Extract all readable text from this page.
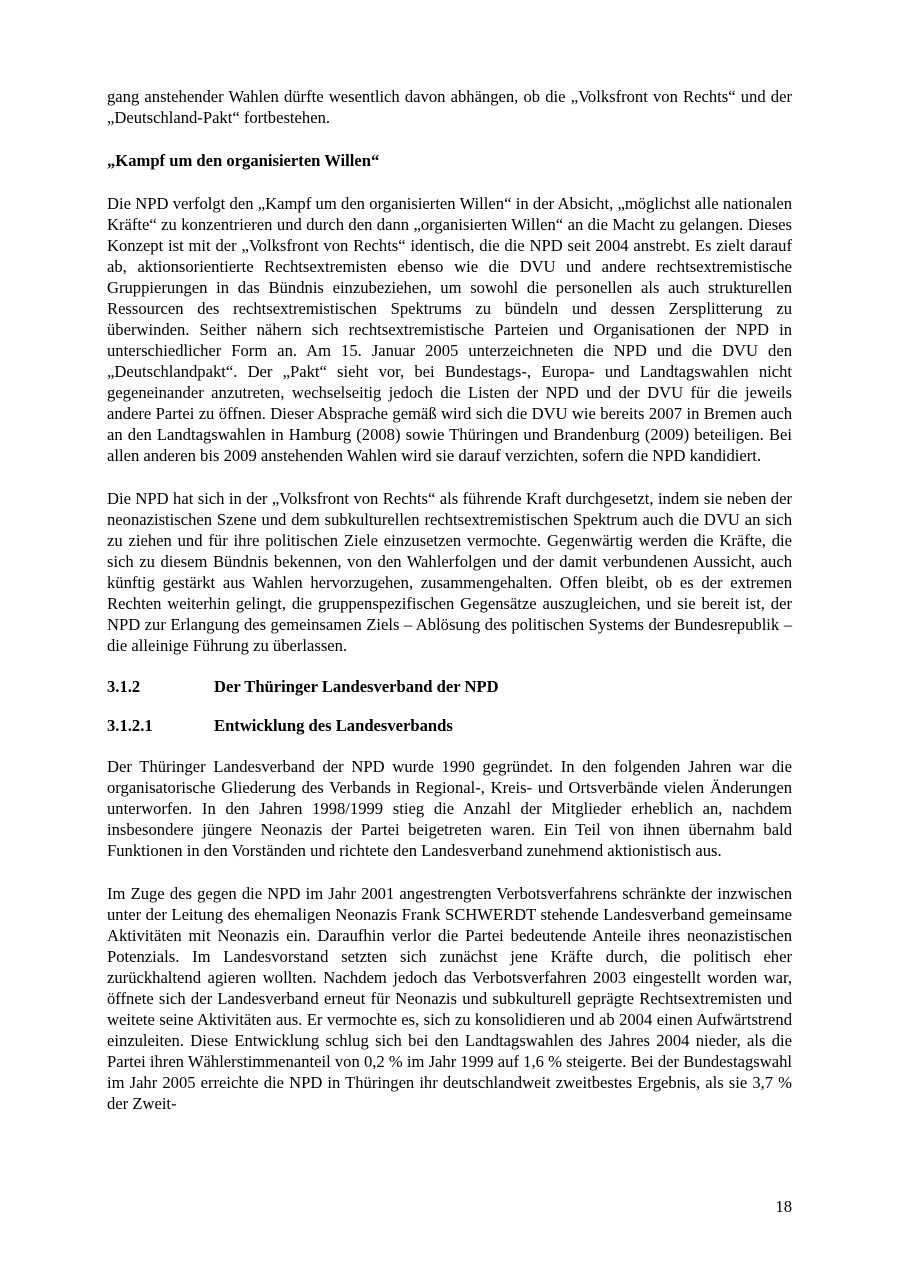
gang anstehender Wahlen dürfte wesentlich davon abhängen, ob die „Volksfront von Rechts“ und der „Deutschland-Pakt“ fortbestehen.

„Kampf um den organisierten Willen“

Die NPD verfolgt den „Kampf um den organisierten Willen“ in der Absicht, „möglichst alle nationalen Kräfte“ zu konzentrieren und durch den dann „organisierten Willen“ an die Macht zu gelangen. Dieses Konzept ist mit der „Volksfront von Rechts“ identisch, die die NPD seit 2004 anstrebt. Es zielt darauf ab, aktionsorientierte Rechtsextremisten ebenso wie die DVU und andere rechtsextremistische Gruppierungen in das Bündnis einzubeziehen, um sowohl die personellen als auch strukturellen Ressourcen des rechtsextremistischen Spektrums zu bündeln und dessen Zersplitterung zu überwinden. Seither nähern sich rechtsextremistische Parteien und Organisationen der NPD in unterschiedlicher Form an. Am 15. Januar 2005 unterzeichneten die NPD und die DVU den „Deutschlandpakt“. Der „Pakt“ sieht vor, bei Bundestags-, Europa- und Landtagswahlen nicht gegeneinander anzutreten, wechselseitig jedoch die Listen der NPD und der DVU für die jeweils andere Partei zu öffnen. Dieser Absprache gemäß wird sich die DVU wie bereits 2007 in Bremen auch an den Landtagswahlen in Hamburg (2008) sowie Thüringen und Brandenburg (2009) beteiligen. Bei allen anderen bis 2009 anstehenden Wahlen wird sie darauf verzichten, sofern die NPD kandidiert.

Die NPD hat sich in der „Volksfront von Rechts“ als führende Kraft durchgesetzt, indem sie neben der neonazistischen Szene und dem subkulturellen rechtsextremistischen Spektrum auch die DVU an sich zu ziehen und für ihre politischen Ziele einzusetzen vermochte. Gegenwärtig werden die Kräfte, die sich zu diesem Bündnis bekennen, von den Wahlerfolgen und der damit verbundenen Aussicht, auch künftig gestärkt aus Wahlen hervorzugehen, zusammengehalten. Offen bleibt, ob es der extremen Rechten weiterhin gelingt, die gruppenspezifischen Gegensätze auszugleichen, und sie bereit ist, der NPD zur Erlangung des gemeinsamen Ziels – Ablösung des politischen Systems der Bundesrepublik – die alleinige Führung zu überlassen.

3.1.2	Der Thüringer Landesverband der NPD
3.1.2.1	Entwicklung des Landesverbands

Der Thüringer Landesverband der NPD wurde 1990 gegründet. In den folgenden Jahren war die organisatorische Gliederung des Verbands in Regional-, Kreis- und Ortsverbände vielen Änderungen unterworfen. In den Jahren 1998/1999 stieg die Anzahl der Mitglieder erheblich an, nachdem insbesondere jüngere Neonazis der Partei beigetreten waren. Ein Teil von ihnen übernahm bald Funktionen in den Vorständen und richtete den Landesverband zunehmend aktionistisch aus.

Im Zuge des gegen die NPD im Jahr 2001 angestrengten Verbotsverfahrens schränkte der inzwischen unter der Leitung des ehemaligen Neonazis Frank SCHWERDT stehende Landesverband gemeinsame Aktivitäten mit Neonazis ein. Daraufhin verlor die Partei bedeutende Anteile ihres neonazistischen Potenzials. Im Landesvorstand setzten sich zunächst jene Kräfte durch, die politisch eher zurückhaltend agieren wollten. Nachdem jedoch das Verbotsverfahren 2003 eingestellt worden war, öffnete sich der Landesverband erneut für Neonazis und subkulturell geprägte Rechtsextremisten und weitete seine Aktivitäten aus. Er vermochte es, sich zu konsolidieren und ab 2004 einen Aufwärtstrend einzuleiten. Diese Entwicklung schlug sich bei den Landtagswahlen des Jahres 2004 nieder, als die Partei ihren Wählerstimmenanteil von 0,2 % im Jahr 1999 auf 1,6 % steigerte. Bei der Bundestagswahl im Jahr 2005 erreichte die NPD in Thüringen ihr deutschlandweit zweitbestes Ergebnis, als sie 3,7 % der Zweit-

18
